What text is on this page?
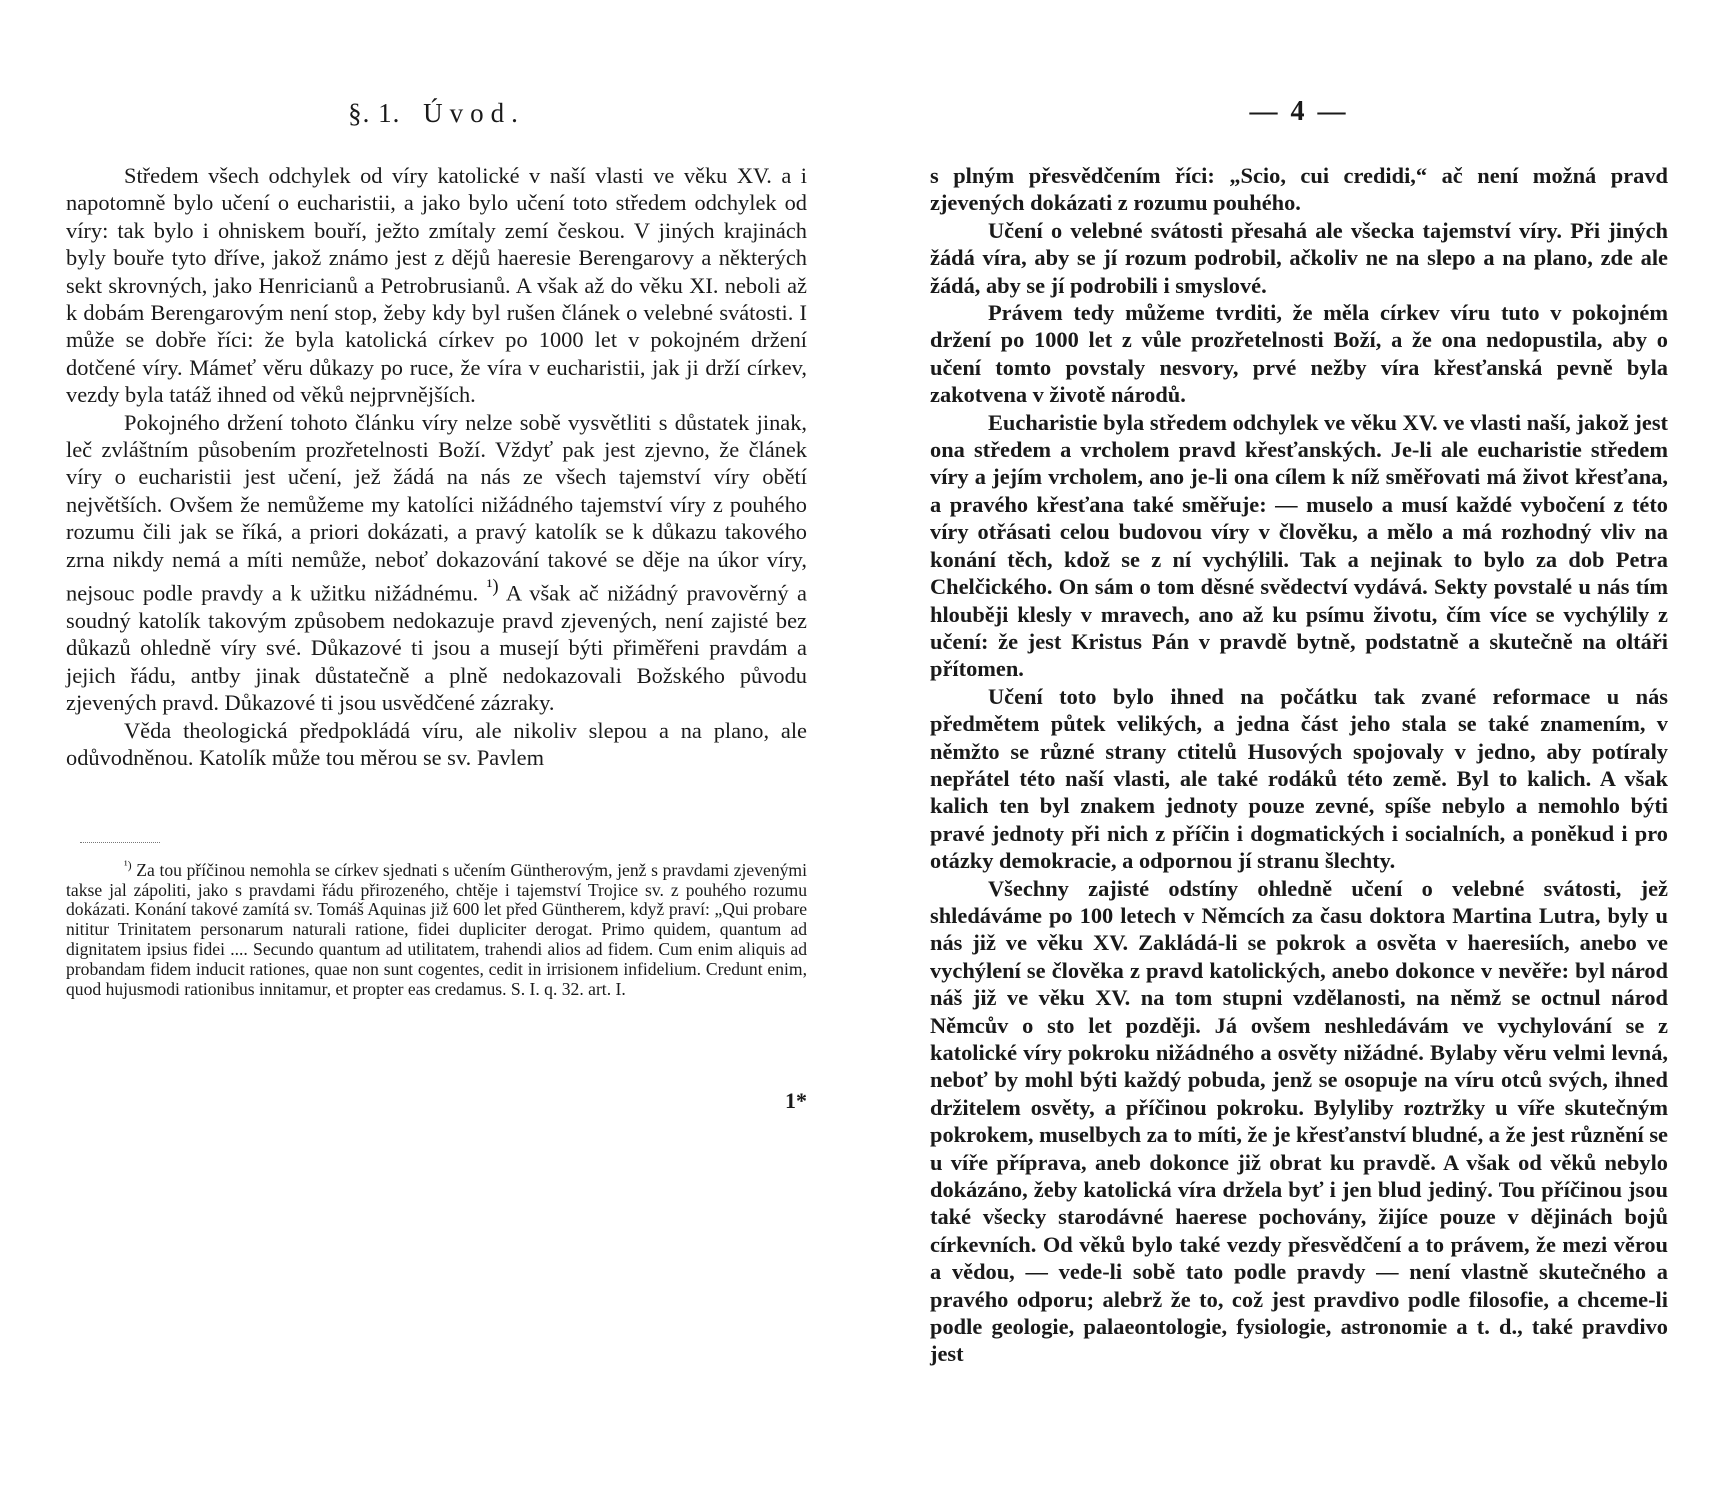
§. 1. Úvod.

Středem všech odchylek od víry katolické v naší vlasti ve věku XV. a i napotomně bylo učení o eucharistii, a jako bylo učení toto středem odchylek od víry: tak bylo i ohniskem bouří, ježto zmítaly zemí českou. V jiných krajinách byly bouře tyto dříve, jakož známo jest z dějů haeresie Berengarovy a některých sekt skrovných, jako Henricianů a Petrobrusianů. A však až do věku XI. neboli až k dobám Berengarovým není stop, žeby kdy byl rušen článek o velebné svátosti. I může se dobře říci: že byla katolická církev po 1000 let v pokojném držení dotčené víry. Mámeť věru důkazy po ruce, že víra v eucharistii, jak ji drží církev, vezdy byla tatáž ihned od věků nejprvnějších.

Pokojného držení tohoto článku víry nelze sobě vysvětliti s důstatek jinak, leč zvláštním působením prozřetelnosti Boží. Vždyť pak jest zjevno, že článek víry o eucharistii jest učení, jež žádá na nás ze všech tajemství víry obětí největších. Ovšem že nemůžeme my katolíci nižádného tajemství víry z pouhého rozumu čili jak se říká, a priori dokázati, a pravý katolík se k důkazu takového zrna nikdy nemá a míti nemůže, neboť dokazování takové se děje na úkor víry, nejsouc podle pravdy a k užitku nižádnému. $^{^1)}$ A však ač nižádný pravověrný a soudný katolík takovým způsobem nedokazuje pravd zjevených, není zajisté bez důkazů ohledně víry své. Důkazové ti jsou a musejí býti přiměřeni pravdám a jejich řádu, antby jinak důstatečně a plně nedokazovali Božského původu zjevených pravd. Důkazové ti jsou usvědčené zázraky.

Věda theologická předpokládá víru, ale nikoliv slepou a na plano, ale odůvodněnou. Katolík může tou měrou se sv. Pavlem

$^{^1)}$ Za tou příčinou nemohla se církev sjednati s učením Güntherovým, jenž s pravdami zjevenými takse jal zápoliti, jako s pravdami řádu přirozeného, chtěje i tajemství Trojice sv. z pouhého rozumu dokázati. Konání takové zamítá sv. Tomáš Aquinas již 600 let před Güntherem, když praví: „Qui probare nititur Trinitatem personarum naturali ratione, fidei dupliciter derogat. Primo quidem, quantum ad dignitatem ipsius fidei .... Secundo quantum ad utilitatem, trahendi alios ad fidem. Cum enim aliquis ad probandam fidem inducit rationes, quae non sunt cogentes, cedit in irrisionem infidelium. Credunt enim, quod hujusmodi rationibus innitamur, et propter eas credamus. S. I. q. 32. art. I.

1*
— 4 —

s plným přesvědčením říci: „Scio, cui credidi,“ ač není možná pravd zjevených dokázati z rozumu pouhého.

Učení o velebné svátosti přesahá ale všecka tajemství víry. Při jiných žádá víra, aby se jí rozum podrobil, ačkoliv ne na slepo a na plano, zde ale žádá, aby se jí podrobili i smyslové.

Právem tedy můžeme tvrditi, že měla církev víru tuto v pokojném držení po 1000 let z vůle prozřetelnosti Boží, a že ona nedopustila, aby o učení tomto povstaly nesvory, prvé nežby víra křesťanská pevně byla zakotvena v životě národů.

Eucharistie byla středem odchylek ve věku XV. ve vlasti naší, jakož jest ona středem a vrcholem pravd křesťanských. Je-li ale eucharistie středem víry a jejím vrcholem, ano je-li ona cílem k níž směřovati má život křesťana, a pravého křesťana také směřuje: — muselo a musí každé vybočení z této víry otřásati celou budovou víry v člověku, a mělo a má rozhodný vliv na konání těch, kdož se z ní vychýlili. Tak a nejinak to bylo za dob Petra Chelčického. On sám o tom děsné svědectví vydává. Sekty povstalé u nás tím hlouběji klesly v mravech, ano až ku psímu životu, čím více se vychýlily z učení: že jest Kristus Pán v pravdě bytně, podstatně a skutečně na oltáři přítomen.

Učení toto bylo ihned na počátku tak zvané reformace u nás předmětem půtek velikých, a jedna část jeho stala se také znamením, v němžto se různé strany ctitelů Husových spojovaly v jedno, aby potíraly nepřátel této naší vlasti, ale také rodáků této země. Byl to kalich. A však kalich ten byl znakem jednoty pouze zevné, spíše nebylo a nemohlo býti pravé jednoty při nich z příčin i dogmatických i socialních, a poněkud i pro otázky demokracie, a odpornou jí stranu šlechty.

Všechny zajisté odstíny ohledně učení o velebné svátosti, jež shledáváme po 100 letech v Němcích za času doktora Martina Lutra, byly u nás již ve věku XV. Zakládá-li se pokrok a osvěta v haeresiích, anebo ve vychýlení se člověka z pravd katolických, anebo dokonce v nevěře: byl národ náš již ve věku XV. na tom stupni vzdělanosti, na němž se octnul národ Němcův o sto let později. Já ovšem neshledávám ve vychylování se z katolické víry pokroku nižádného a osvěty nižádné. Bylaby věru velmi levná, neboť by mohl býti každý pobuda, jenž se osopuje na víru otců svých, ihned držitelem osvěty, a příčinou pokroku. Bylyliby roztržky u víře skutečným pokrokem, muselbych za to míti, že je křesťanství bludné, a že jest různění se u víře příprava, aneb dokonce již obrat ku pravdě. A však od věků nebylo dokázáno, žeby katolická víra držela byť i jen blud jediný. Tou příčinou jsou také všecky starodávné haerese pochovány, žijíce pouze v dějinách bojů církevních. Od věků bylo také vezdy přesvědčení a to právem, že mezi věrou a vědou, — vede-li sobě tato podle pravdy — není vlastně skutečného a pravého odporu; alebrž že to, což jest pravdivo podle filosofie, a chceme-li podle geologie, palaeontologie, fysiologie, astronomie a t. d., také pravdivo jest
